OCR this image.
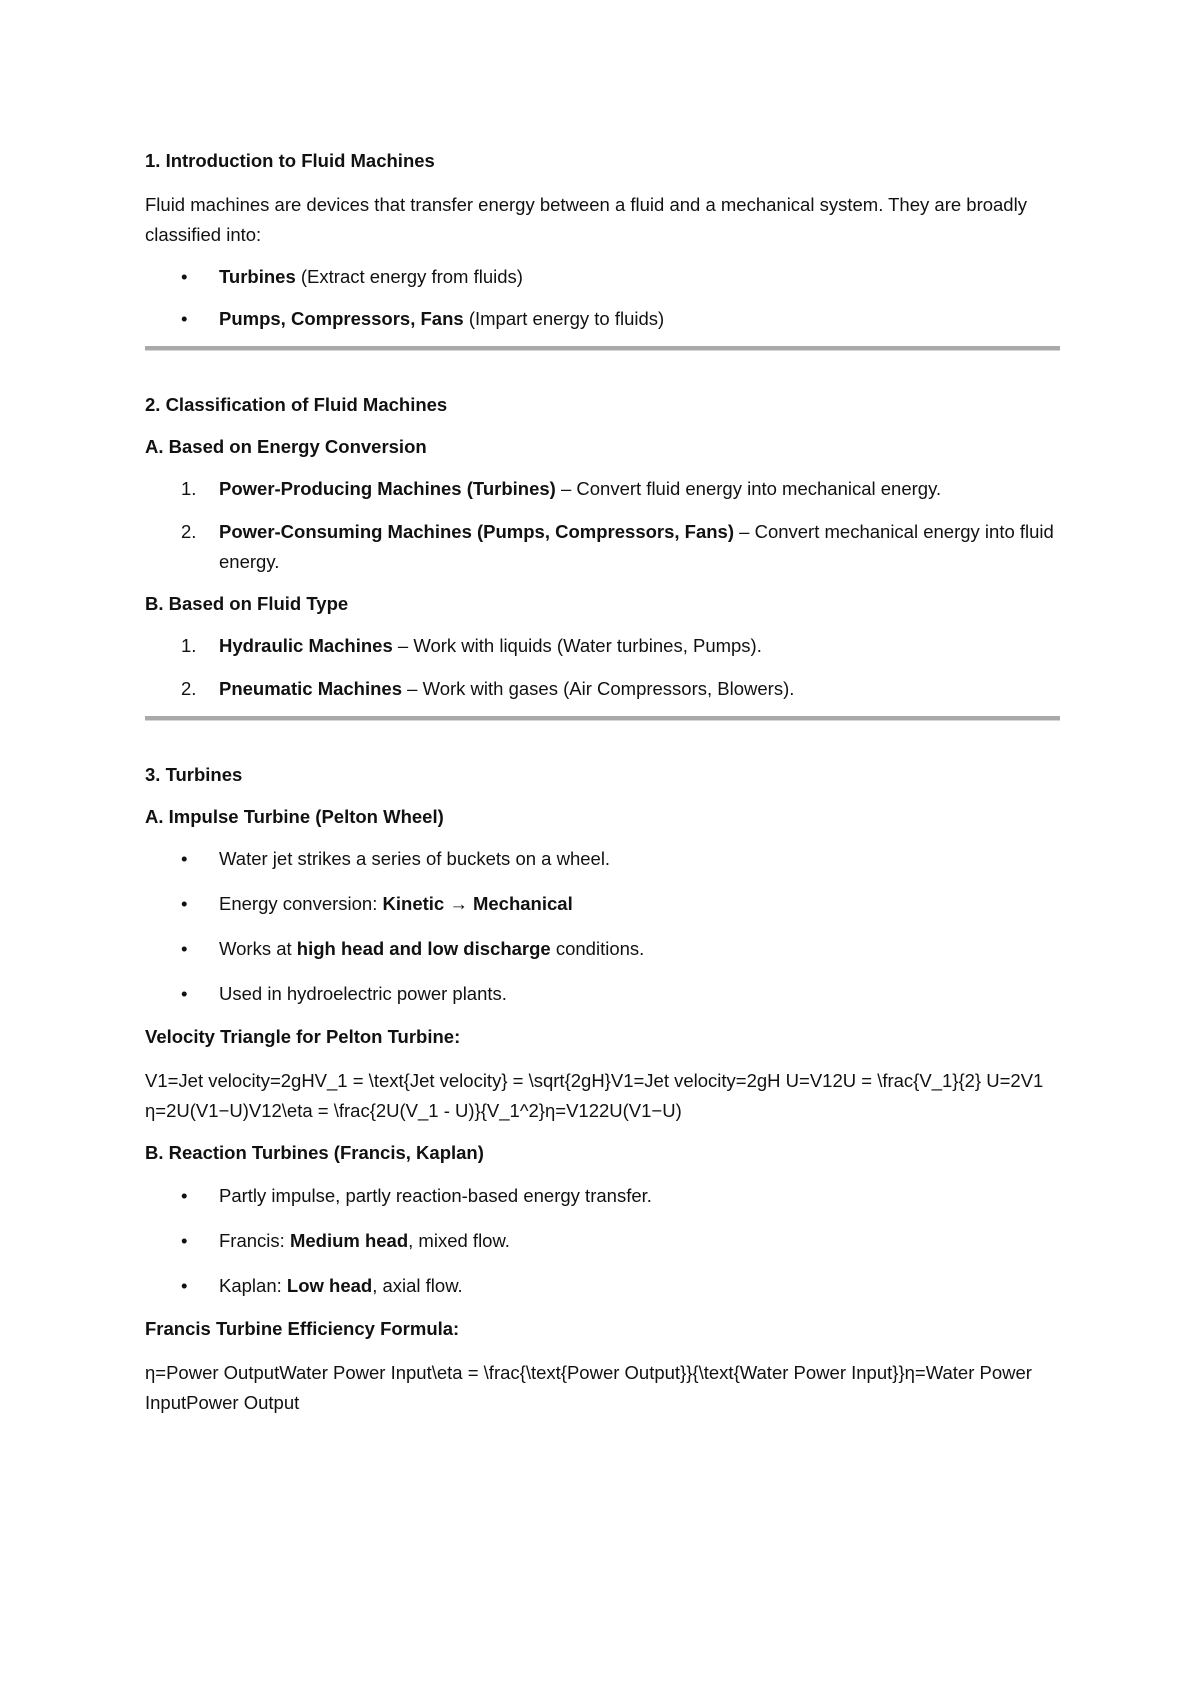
1. Introduction to Fluid Machines

Fluid machines are devices that transfer energy between a fluid and a mechanical system. They are broadly classified into:

• Turbines (Extract energy from fluids)
• Pumps, Compressors, Fans (Impart energy to fluids)

2. Classification of Fluid Machines

A. Based on Energy Conversion

1. Power-Producing Machines (Turbines) – Convert fluid energy into mechanical energy.
2. Power-Consuming Machines (Pumps, Compressors, Fans) – Convert mechanical energy into fluid energy.

B. Based on Fluid Type

1. Hydraulic Machines – Work with liquids (Water turbines, Pumps).
2. Pneumatic Machines – Work with gases (Air Compressors, Blowers).

3. Turbines

A. Impulse Turbine (Pelton Wheel)

• Water jet strikes a series of buckets on a wheel.
• Energy conversion: Kinetic → Mechanical
• Works at high head and low discharge conditions.
• Used in hydroelectric power plants.

Velocity Triangle for Pelton Turbine:

V1=Jet velocity=2gHV_1 = \text{Jet velocity} = \sqrt{2gH}V1=Jet velocity=2gH U=V12U = \frac{V_1}{2} U=2V1 η=2U(V1−U)V12\eta = \frac{2U(V_1 - U)}{V_1^2}η=V122U(V1−U)

B. Reaction Turbines (Francis, Kaplan)

• Partly impulse, partly reaction-based energy transfer.
• Francis: Medium head, mixed flow.
• Kaplan: Low head, axial flow.

Francis Turbine Efficiency Formula:

η=Power OutputWater Power Input\eta = \frac{\text{Power Output}}{\text{Water Power Input}}η=Water Power InputPower Output
